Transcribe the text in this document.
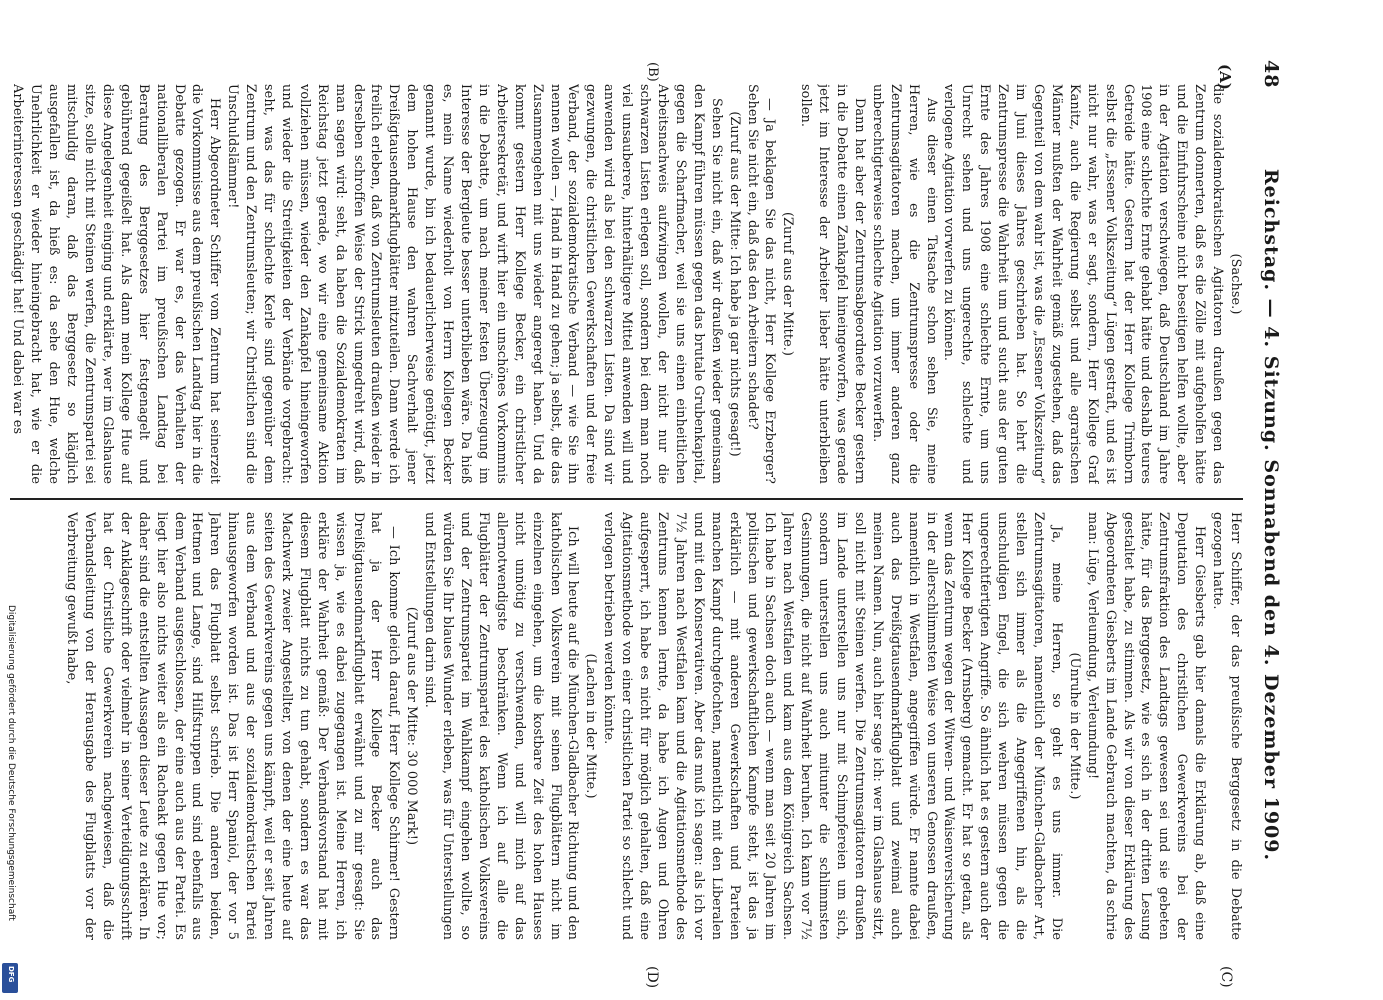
48
Reichstag. — 4. Sitzung. Sonnabend den 4. Dezember 1909.
(A)
(B)
(C)
(D)

(Sachse.)

die sozialdemokratischen Agitatoren draußen gegen das Zentrum donnerten, daß es die Zölle mit aufgeholfen hätte und die Einfuhrscheine nicht beseitigen helfen wollte, aber in der Agitation verschwiegen, daß Deutschland im Jahre 1908 eine schlechte Ernte gehabt hätte und deshalb teures Getreide hätte. Gestern hat der Herr Kollege Trimborn selbst die „Essener Volkszeitung“ Lügen gestraft, und es ist nicht nur wahr, was er sagt, sondern, Herr Kollege Graf Kanitz, auch die Regierung selbst und alle agrarischen Männer mußten der Wahrheit gemäß zugestehen, daß das Gegenteil von dem wahr ist, was die „Essener Volkszeitung“ im Juni dieses Jahres geschrieben hat. So lehrt die Zentrumspresse die Wahrheit um und sucht aus der guten Ernte des Jahres 1908 eine schlechte Ernte, um uns Unrecht sehen und uns ungerechte, schlechte und verlogene Agitation vorwerfen zu können.

Aus dieser einen Tatsache schon sehen Sie, meine Herren, wie es die Zentrumspresse oder die Zentrumsagitatoren machen, um immer anderen ganz unberechtigterweise schlechte Agitation vorzuwerfen.

Dann hat aber der Zentrumsabgeordnete Becker gestern in die Debatte einen Zankapfel hineingeworfen, was gerade jetzt im Interesse der Arbeiter lieber hätte unterbleiben sollen.

(Zuruf aus der Mitte.)

— Ja beklagen Sie das nicht, Herr Kollege Erzberger? Sehen Sie nicht ein, daß das den Arbeitern schadet?

(Zuruf aus der Mitte: Ich habe ja gar nichts gesagt!)

Sehen Sie nicht ein, daß wir draußen wieder gemeinsam den Kampf führen müssen gegen das brutale Grubenkapital, gegen die Scharfmacher, weil sie uns einen einheitlichen Arbeitsnachweis aufzwingen wollen, der nicht nur die schwarzen Listen erlegen soll, sondern bei dem man noch viel unsauberere, hinterhältigere Mittel anwenden will und anwenden wird als bei den schwarzen Listen. Da sind wir gezwungen, die christlichen Gewerkschaften und der freie Verband, der sozialdemokratische Verband — wie Sie ihn nennen wollen —, Hand in Hand zu gehen; ja selbst, die das Zusammengehen mit uns wieder angeregt haben. Und da kommt gestern Herr Kollege Becker, ein christlicher Arbeitersekretär, und wirft hier ein unschönes Vorkommnis in die Debatte, um nach meiner festen Überzeugung im Interesse der Bergleute besser unterblieben wäre. Da hieß es, mein Name wiederholt von Herrn Kollegen Becker genannt wurde, bin ich bedauerlicherweise genötigt, jetzt dem hohen Hause den wahren Sachverhalt jener Dreißigtausendmarkflugblätter mitzuteilen. Dann werde ich freilich erleben, daß von Zentrumsleuten draußen wieder in derselben schroffen Weise der Strick umgedreht wird, daß man sagen wird: seht, da haben die Sozialdemokraten im Reichstag jetzt gerade, wo wir eine gemeinsame Aktion vollziehen müssen, wieder den Zankapfel hineingeworfen und wieder die Streitigkeiten der Verbände vorgebracht: seht, was das für schlechte Kerle sind gegenüber dem Zentrum und den Zentrumsleuten; wir Christlichen sind die Unschuldslämmer!

Herr Abgeordneter Schiffer vom Zentrum hat seinerzeit die Vorkommnisse aus dem preußischen Landtag hier in die Debatte gezogen. Er war es, der das Verhalten der nationalliberalen Partei im preußischen Landtag bei Beratung des Berggesetzes hier festgenagelt und gebührend gegeißelt hat. Als dann mein Kollege Hue auf diese Angelegenheit einging und erklärte, wer im Glashause sitze, solle nicht mit Steinen werfen, die Zentrumspartei sei mitschuldig daran, daß das Berggesetz so kläglich ausgefallen ist, da hieß es: da sehe den Hue, welche Unehrlichkeit er wieder hineingebracht hat, wie er die Arbeiterinteressen geschädigt hat! Und dabei war es

Herr Schiffer, der das preußische Berggesetz in die Debatte gezogen hatte.

Herr Giesberts gab hier damals die Erklärung ab, daß eine Deputation des christlichen Gewerkvereins bei der Zentrumsfraktion des Landtags gewesen sei und sie gebeten hätte, für das Berggesetz, wie es sich in der dritten Lesung gestaltet habe, zu stimmen. Als wir von dieser Erklärung des Abgeordneten Giesberts im Lande Gebrauch machten, da schrie man: Lüge, Verleumdung, Verleumdung!

(Unruhe in der Mitte.)

Ja, meine Herren, so geht es uns immer. Die Zentrumsagitatoren, namentlich der München-Gladbacher Art, stellen sich immer als die Angegriffenen hin, als die unschuldigen Engel, die sich wehren müssen gegen die ungerechtfertigten Angriffe. So ähnlich hat es gestern auch der Herr Kollege Becker (Arnsberg) gemacht. Er hat so getan, als wenn das Zentrum wegen der Witwen- und Waisenversicherung in der allerschlimmsten Weise von unseren Genossen draußen, namentlich in Westfalen, angegriffen würde. Er nannte dabei auch das Dreißigtausendmarkflugblatt und zweimal auch meinen Namen. Nun, auch hier sage ich: wer im Glashause sitzt, soll nicht mit Steinen werfen. Die Zentrumsagitatoren draußen im Lande unterstellen uns nur mit Schimpfereien um sich, sondern unterstellen uns auch mitunter die schlimmsten Gesinnungen, die nicht auf Wahrheit beruhen. Ich kann vor 7½ Jahren nach Westfalen und kam aus dem Königreich Sachsen. Ich habe in Sachsen doch auch — wenn man seit 20 Jahren im politischen und gewerkschaftlichen Kampfe steht, ist das ja erklärlich — mit anderen Gewerkschaften und Parteien manchen Kampf durchgefochten, namentlich mit den Liberalen und mit den Konservativen. Aber das muß ich sagen: als ich vor 7½ Jahren nach Westfalen kam und die Agitationsmethode des Zentrums kennen lernte, da habe ich Augen und Ohren aufgesperrt, ich habe es nicht für möglich gehalten, daß eine Agitationsmethode von einer christlichen Partei so schlecht und verlogen betrieben werden könnte.

(Lachen in der Mitte.)

Ich will heute auf die München-Gladbacher Richtung und den katholischen Volksverein mit seinen Flugblättern nicht im einzelnen eingehen, um die kostbare Zeit des hohen Hauses nicht unnötig zu verschwenden, und will mich auf das allernotwendigste beschränken. Wenn ich auf alle die Flugblätter der Zentrumspartei des katholischen Volksvereins und der Zentrumspartei im Wahlkampf eingehen wollte, so würden Sie Ihr blaues Wunder erleben, was für Unterstellungen und Entstellungen darin sind.

(Zuruf aus der Mitte: 30 000 Mark!)

— Ich komme gleich darauf, Herr Kollege Schirmer! Gestern hat ja der Herr Kollege Becker auch das Dreißigtausendmarkflugblatt erwähnt und zu mir gesagt: Sie wissen ja, wie es dabei zugegangen ist. Meine Herren, ich erkläre der Wahrheit gemäß: Der Verbandsvorstand hat mit diesem Flugblatt nichts zu tun gehabt, sondern es war das Machwerk zweier Angestellter, von denen der eine heute auf seiten des Gewerkvereins gegen uns kämpft, weil er seit Jahren aus dem Verband und aus der sozialdemokratischen Partei hinausgeworfen worden ist. Das ist Herr Spaniol, der vor 5 Jahren das Flugblatt selbst schrieb. Die anderen beiden, Hetmen und Lange, sind Hilfstruppen und sind ebenfalls aus dem Verband ausgeschlossen, der eine auch aus der Partei. Es liegt hier also nichts weiter als ein Racheakt gegen Hue vor; daher sind die entstellten Aussagen dieser Leute zu erklären. In der Anklageschrift oder vielmehr in seiner Verteidigungsschrift hat der Christliche Gewerkverein nachgewiesen, daß die Verbandsleitung von der Herausgabe des Flugblatts vor der Verbreitung gewußt habe,

Digitalisierung gefördert durch die Deutsche Forschungsgemeinschaft
DFG
